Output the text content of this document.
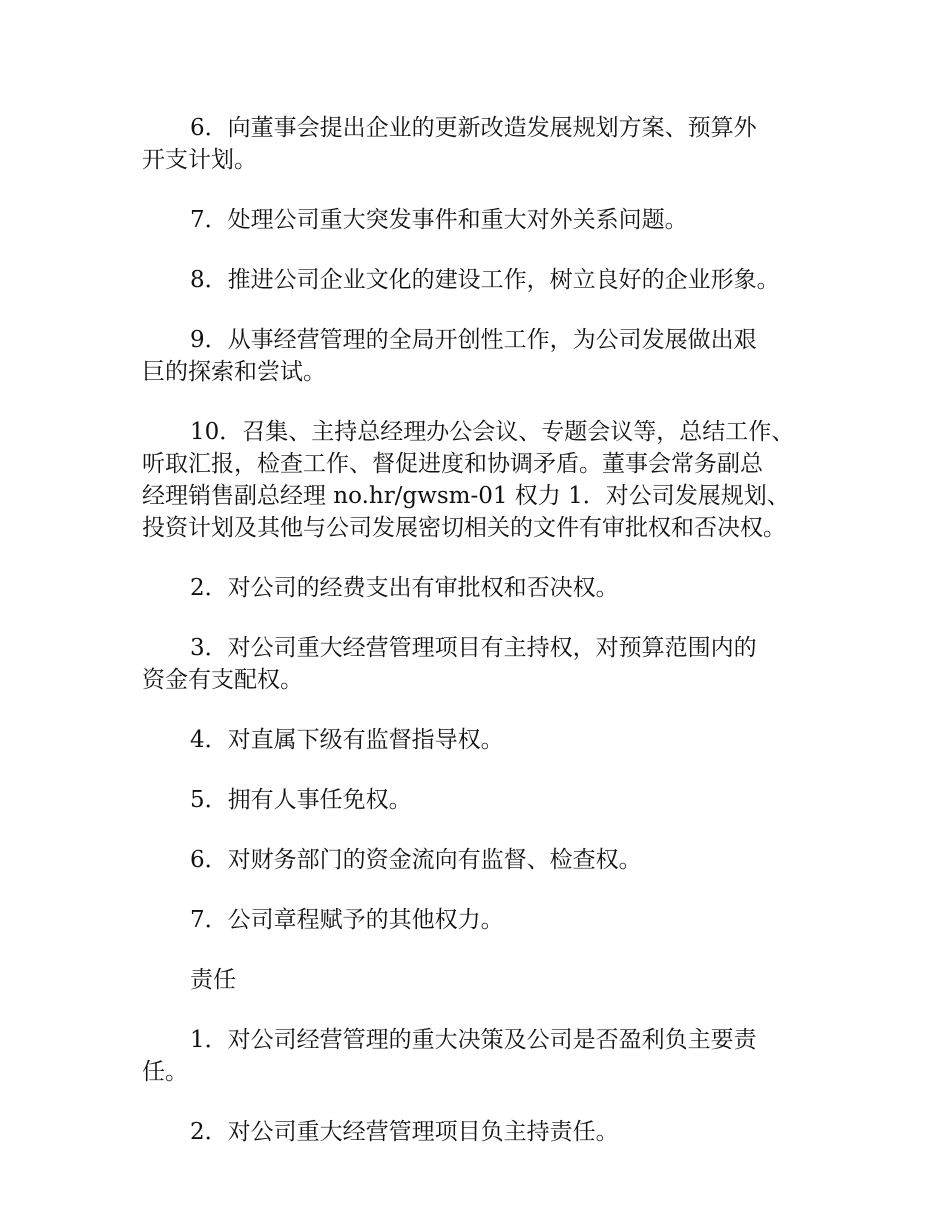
6．向董事会提出企业的更新改造发展规划方案、预算外
开支计划。

7．处理公司重大突发事件和重大对外关系问题。

8．推进公司企业文化的建设工作，树立良好的企业形象。

9．从事经营管理的全局开创性工作，为公司发展做出艰
巨的探索和尝试。

10．召集、主持总经理办公会议、专题会议等，总结工作、
听取汇报，检查工作、督促进度和协调矛盾。董事会常务副总
经理销售副总经理 no.hr/gwsm-01 权力 1．对公司发展规划、
投资计划及其他与公司发展密切相关的文件有审批权和否决权。

2．对公司的经费支出有审批权和否决权。

3．对公司重大经营管理项目有主持权，对预算范围内的
资金有支配权。

4．对直属下级有监督指导权。

5．拥有人事任免权。

6．对财务部门的资金流向有监督、检查权。

7．公司章程赋予的其他权力。

责任

1．对公司经营管理的重大决策及公司是否盈利负主要责
任。

2．对公司重大经营管理项目负主持责任。
